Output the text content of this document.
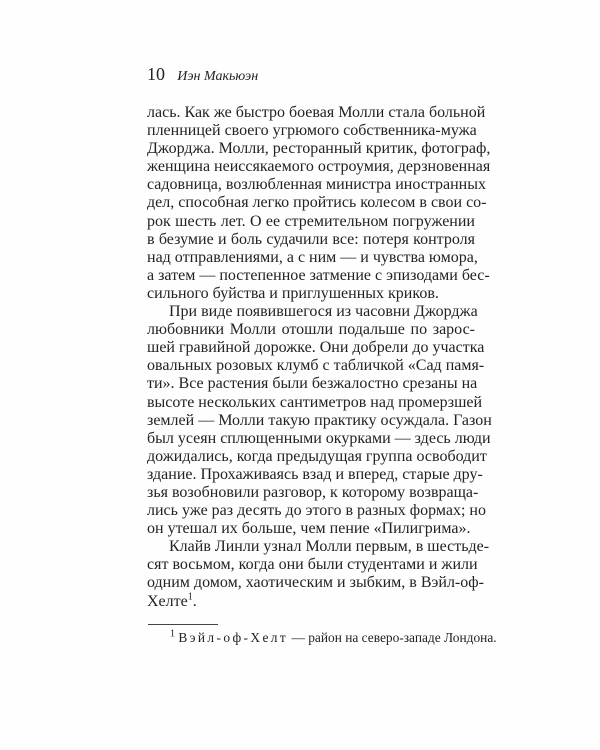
10 Иэн Макьюэн
лась. Как же быстро боевая Молли стала больной
пленницей своего угрюмого собственника-мужа
Джорджа. Молли, ресторанный критик, фотограф,
женщина неиссякаемого остроумия, дерзновенная
садовница, возлюбленная министра иностранных
дел, способная легко пройтись колесом в свои со-
рок шесть лет. О ее стремительном погружении
в безумие и боль судачили все: потеря контроля
над отправлениями, а с ним — и чувства юмора,
а затем — постепенное затмение с эпизодами бес-
сильного буйства и приглушенных криков.
При виде появившегося из часовни Джорджа
любовники Молли отошли подальше по зарос-
шей гравийной дорожке. Они добрели до участка
овальных розовых клумб с табличкой «Сад памя-
ти». Все растения были безжалостно срезаны на
высоте нескольких сантиметров над промерзшей
землей — Молли такую практику осуждала. Газон
был усеян сплющенными окурками — здесь люди
дожидались, когда предыдущая группа освободит
здание. Прохаживаясь взад и вперед, старые дру-
зья возобновили разговор, к которому возвраща-
лись уже раз десять до этого в разных формах; но
он утешал их больше, чем пение «Пилигрима».
Клайв Линли узнал Молли первым, в шестьде-
сят восьмом, когда они были студентами и жили
одним домом, хаотическим и зыбким, в Вэйл-оф-
Хелте$^1$.
$^1$ Вэйл-оф-Хелт — район на северо-западе Лондона.
